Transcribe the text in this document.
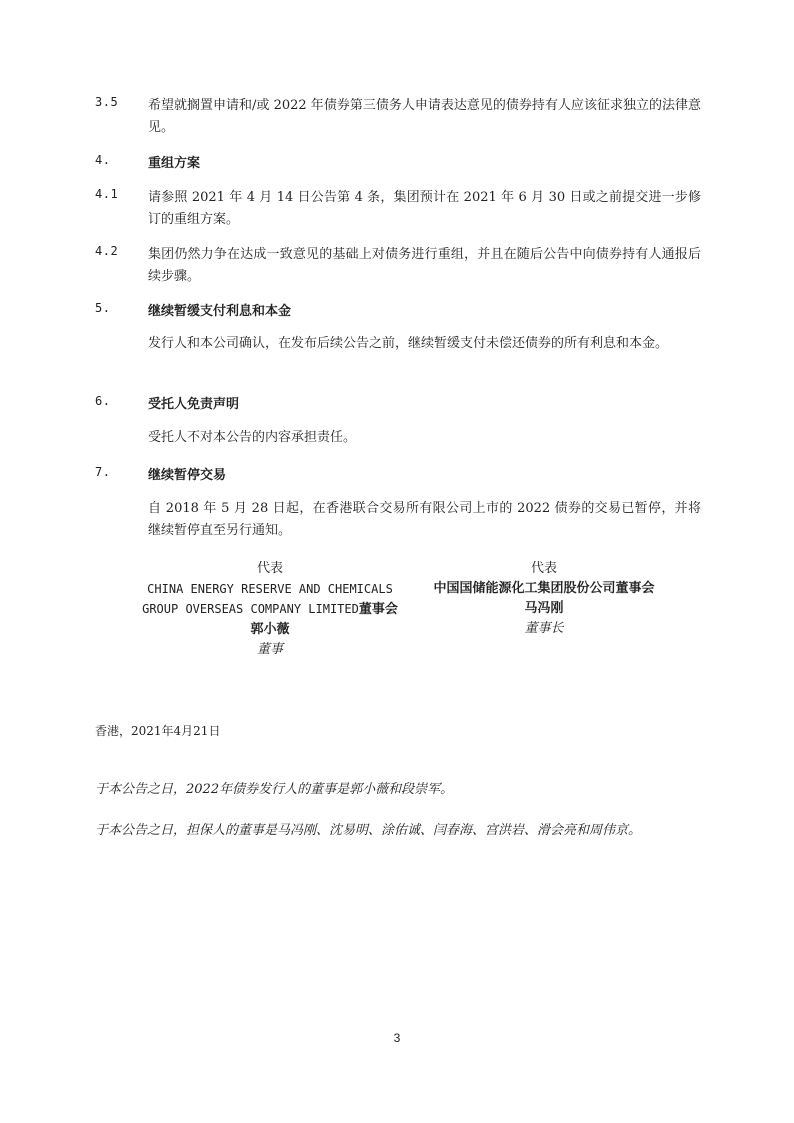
3.5	希望就搁置申请和/或 2022 年债券第三债务人申请表达意见的债券持有人应该征求独立的法律意见。
4.	重组方案
4.1	请参照 2021 年 4 月 14 日公告第 4 条，集团预计在 2021 年 6 月 30 日或之前提交进一步修订的重组方案。
4.2	集团仍然力争在达成一致意见的基础上对债务进行重组，并且在随后公告中向债券持有人通报后续步骤。
5.	继续暂缓支付利息和本金
发行人和本公司确认，在发布后续公告之前，继续暂缓支付未偿还债券的所有利息和本金。
6.	受托人免责声明
受托人不对本公告的内容承担责任。
7.	继续暂停交易
自 2018 年 5 月 28 日起，在香港联合交易所有限公司上市的 2022 债券的交易已暂停，并将继续暂停直至另行通知。
代表
CHINA ENERGY RESERVE AND CHEMICALS
GROUP OVERSEAS COMPANY LIMITED董事会
郭小薇
董事
代表
中国国储能源化工集团股份公司董事会
马冯刚
董事长
香港，2021年4月21日
于本公告之日，2022年债券发行人的董事是郭小薇和段崇军。
于本公告之日，担保人的董事是马冯刚、沈易明、涂佑诚、闫春海、宫洪岩、滑会亮和周伟京。
3
